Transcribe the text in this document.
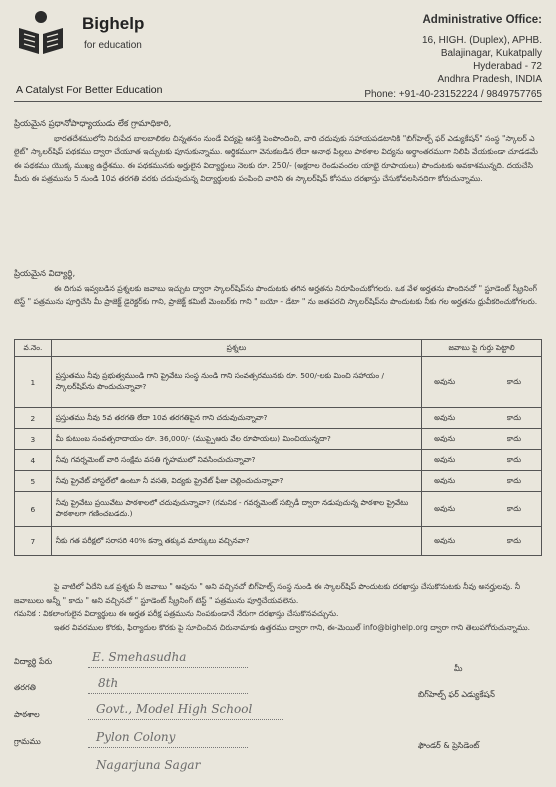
Bighelp
for education
A Catalyst For Better Education
Administrative Office:
16, HIGH. (Duplex), APHB.
Balajinagar, Kukatpally
Hyderabad - 72
Andhra Pradesh, INDIA
Phone: +91-40-23152224 / 9849757765

ప్రియమైన ప్రధానోపాధ్యాయుడు లేక గ్రామాధికారి,

భారతదేశములోని నిరుపేద బాలబాలికల చిన్నతనం నుండే విద్యపై ఆసక్తి పెంపొందించి, వారి చదువుకు సహాయపడటానికి "బిగ్‌హెల్ప్ ఫర్ ఎడ్యుకేషన్" సంస్థ "స్కాలర్ ఎ లైట్" స్కాలర్‌షిప్ పథకము ద్వారా చేయూత ఇచ్చుటకు పూనుకున్నాము. ఆర్థికముగా వెనుకబడిన లేదా అనాథ పిల్లలు పాఠశాల విద్యను అర్థాంతరముగా నిలిపి వేయకుండా చూడడమే ఈ పథకము యొక్క ముఖ్య ఉద్దేశము. ఈ పథకమునకు అర్హులైన విద్యార్థులు నెలకు రూ. 250/- (అక్షరాల రెండువందల యాభై రూపాయలు) పొందుటకు అవకాశమున్నది. దయచేసి మీరు ఈ పత్రమును 5 నుండి 10వ తరగతి వరకు చదువుచున్న విద్యార్థులకు పంపించి వారిని ఈ స్కాలర్‌షిప్ కోసము దరఖాస్తు చేసుకోవలసినదిగా కోరుచున్నాము.

ప్రియమైన విద్యార్థి,

ఈ దిగువ ఇవ్వబడిన ప్రశ్నలకు జవాబు ఇచ్చుట ద్వారా స్కాలర్‌షిప్‌ను పొందుటకు తగిన అర్హతను నిరూపించుకోగలరు. ఒక వేళ అర్హతను పొందినచో " స్టూడెంట్ స్క్రీనింగ్ టెస్ట్ " పత్రమును పూర్తిచేసి మీ ప్రాజెక్ట్ డైరెక్టర్‌కు గాని, ప్రాజెక్ట్ కమిటీ మెంబర్‌కు గాని " బయో - డేటా " ను జతపరచి స్కాలర్‌షిప్‌ను పొందుటకు నీకు గల అర్హతను ధ్రువీకరించుకోగలరు.

వ.నెం.	ప్రశ్నలు	జవాబు పై గుర్తు పెట్టాలి
1	ప్రస్తుతము నీవు ప్రభుత్వముండి గాని ప్రైవేటు సంస్థ నుండి గాని సంవత్సరమునకు రూ. 500/-లకు మించి సహాయం / స్కాలర్‌షిప్‌ను పొందుచున్నావా?	అవును కాదు

2	ప్రస్తుతము నీవు 5వ తరగతి లేదా 10వ తరగతిపైన గాని చదువుచున్నావా?	అవును కాదు

3	మీ కుటుంబ సంవత్సరాదాయం రూ. 36,000/- (ముప్పైఆరు వేల రూపాయలు) మించియున్నదా?	అవును కాదు

4	నీవు గవర్నమెంట్ వారి సంక్షేమ వసతి గృహములో నివసించుచున్నావా?	అవును కాదు

5	నీవు ప్రైవేట్ హాస్టల్‌లో ఉంటూ నీ వసతి, విద్యకు ప్రైవేట్ ఫీజు చెల్లించుచున్నావా?	అవును కాదు

6	నీవు ప్రైవేటు ప్రయివేటు పాఠశాలలో చదువుచున్నావా? (గమనిక - గవర్నమెంట్ సబ్సిడీ ద్వారా నడుపుచున్న పాఠశాల ప్రైవేటు పాఠశాలగా గణించబడదు.)	అవును కాదు

7	నీకు గత పరీక్షలో సరాసరి 40% కన్నా తక్కువ మార్కులు వచ్చినవా?	అవును కాదు

పై వాటిలో ఏదేని ఒక ప్రశ్నకు నీ జవాబు " అవును " అని వచ్చినచో బిగ్‌హెల్ప్ సంస్థ నుండి ఈ స్కాలర్‌షిప్ పొందుటకు దరఖాస్తు చేసుకొనుటకు నీవు అనర్హులవు. నీ జవాబులు అన్నీ " కాదు " అని వచ్చినచో " స్టూడెంట్ స్క్రీనింగ్ టెస్ట్ " పత్రమును పూర్తిచేయవలెను.

గమనిక : వికలాంగులైన విద్యార్థులు ఈ అర్హత పరీక్ష పత్రమును నింపకుండానే నేరుగా దరఖాస్తు చేసుకొనవచ్చును.

ఇతర వివరముల కొరకు, ఫిర్యాదుల కొరకు పై సూచించిన చిరునామాకు ఉత్తరము ద్వారా గాని, ఈ-మెయిల్ info@bighelp.org ద్వారా గాని తెలుపగోరుచున్నాము.

విద్యార్థి పేరు	E. Smehasudha
తరగతి	8th
పాఠశాల	Govt., Model High School
గ్రామము	Pylon Colony
Nagarjuna Sagar
మీ
బిగ్‌హెల్ప్ ఫర్ ఎడ్యుకేషన్
ఫౌండర్ & ప్రెసిడెంట్
